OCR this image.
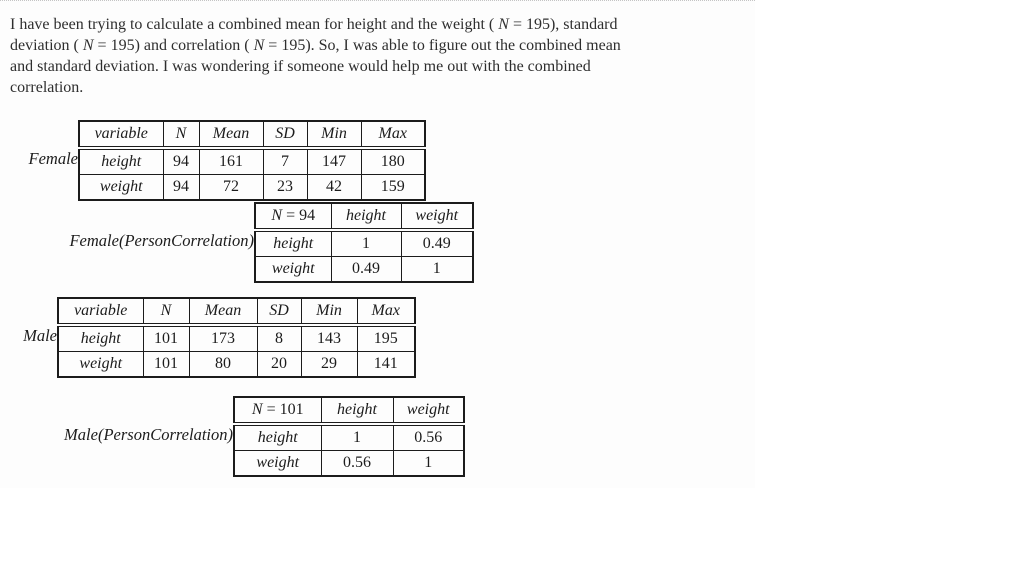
I have been trying to calculate a combined mean for height and the weight ( N = 195), standard
deviation ( N = 195) and correlation ( N = 195). So, I was able to figure out the combined mean
and standard deviation. I was wondering if someone would help me out with the combined
correlation.
Female
variable	N	Mean	SD	Min	Max
height	94	161	7	147	180
weight	94	72	23	42	159
Female(PersonCorrelation)
N = 94	height	weight
height	1	0.49
weight	0.49	1
Male
variable	N	Mean	SD	Min	Max
height	101	173	8	143	195
weight	101	80	20	29	141
Male(PersonCorrelation)
N = 101	height	weight
height	1	0.56
weight	0.56	1
